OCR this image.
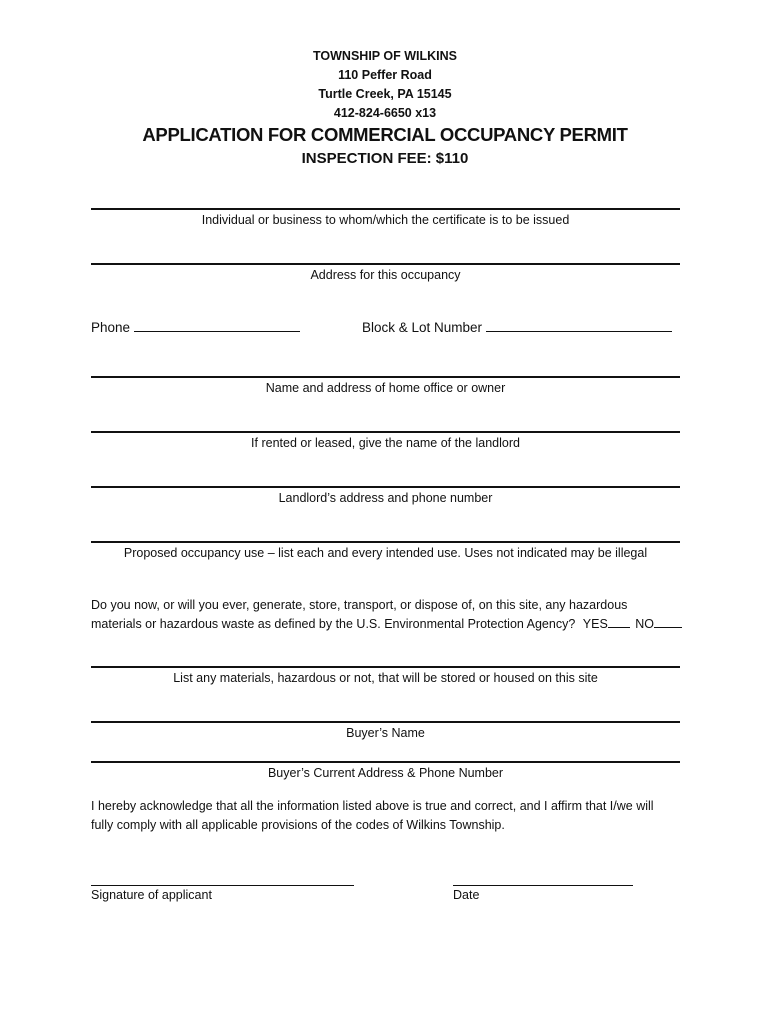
TOWNSHIP OF WILKINS
110 Peffer Road
Turtle Creek, PA 15145
412-824-6650 x13
APPLICATION FOR COMMERCIAL OCCUPANCY PERMIT
INSPECTION FEE: $110
Individual or business to whom/which the certificate is to be issued
Address for this occupancy
Phone	Block & Lot Number
Name and address of home office or owner
If rented or leased, give the name of the landlord
Landlord’s address and phone number
Proposed occupancy use – list each and every intended use. Uses not indicated may be illegal
Do you now, or will you ever, generate, store, transport, or dispose of, on this site, any hazardous
materials or hazardous waste as defined by the U.S. Environmental Protection Agency? YES NO
List any materials, hazardous or not, that will be stored or housed on this site
Buyer’s Name
Buyer’s Current Address & Phone Number
I hereby acknowledge that all the information listed above is true and correct, and I affirm that I/we will
fully comply with all applicable provisions of the codes of Wilkins Township.
Signature of applicant	Date
